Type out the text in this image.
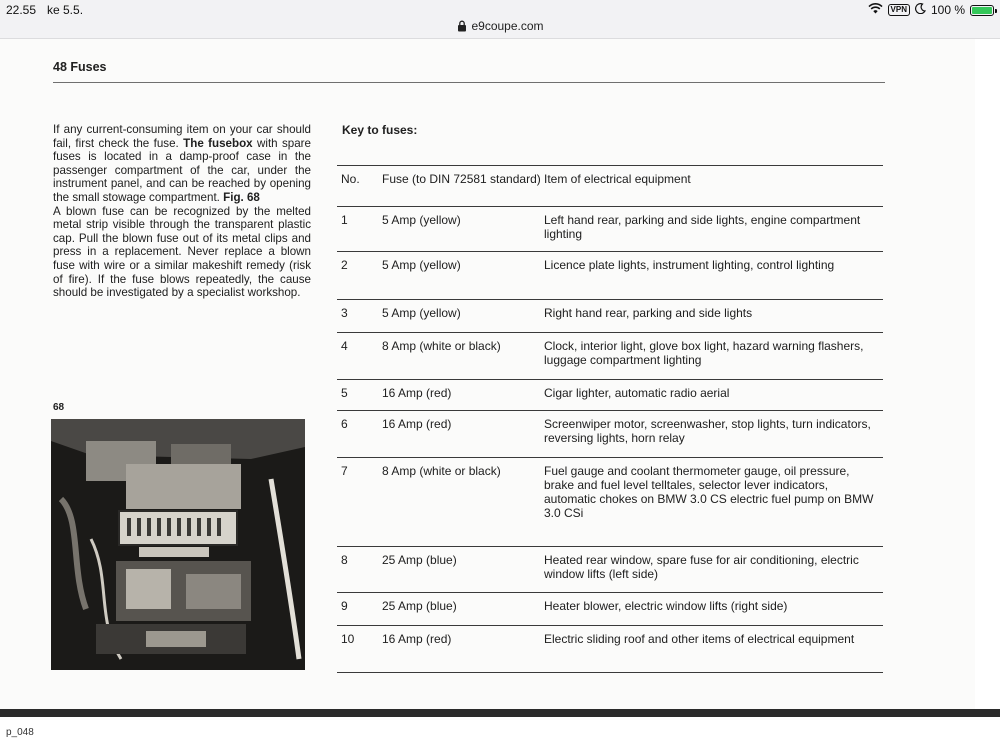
22.55 ke 5.5.	VPN 100 %
e9coupe.com
48 Fuses
If any current-consuming item on your car should fail, first check the fuse. The fusebox with spare fuses is located in a damp-proof case in the passenger compartment of the car, under the instrument panel, and can be reached by opening the small stowage compartment. Fig. 68
A blown fuse can be recognized by the melted metal strip visible through the transparent plastic cap. Pull the blown fuse out of its metal clips and press in a replacement. Never replace a blown fuse with wire or a similar makeshift remedy (risk of fire). If the fuse blows repeatedly, the cause should be investigated by a specialist workshop.
68
Key to fuses:
No.	Fuse (to DIN 72581 standard) Item of electrical equipment
1	5 Amp (yellow)	Left hand rear, parking and side lights, engine compartment lighting
2	5 Amp (yellow)	Licence plate lights, instrument lighting, control lighting
3	5 Amp (yellow)	Right hand rear, parking and side lights
4	8 Amp (white or black)	Clock, interior light, glove box light, hazard warning flashers, luggage compartment lighting
5	16 Amp (red)	Cigar lighter, automatic radio aerial
6	16 Amp (red)	Screenwiper motor, screenwasher, stop lights, turn indicators, reversing lights, horn relay
7	8 Amp (white or black)	Fuel gauge and coolant thermometer gauge, oil pressure, brake and fuel level telltales, selector lever indicators, automatic chokes on BMW 3.0 CS electric fuel pump on BMW 3.0 CSi
8	25 Amp (blue)	Heated rear window, spare fuse for air conditioning, electric window lifts (left side)
9	25 Amp (blue)	Heater blower, electric window lifts (right side)
10	16 Amp (red)	Electric sliding roof and other items of electrical equipment
p_048
